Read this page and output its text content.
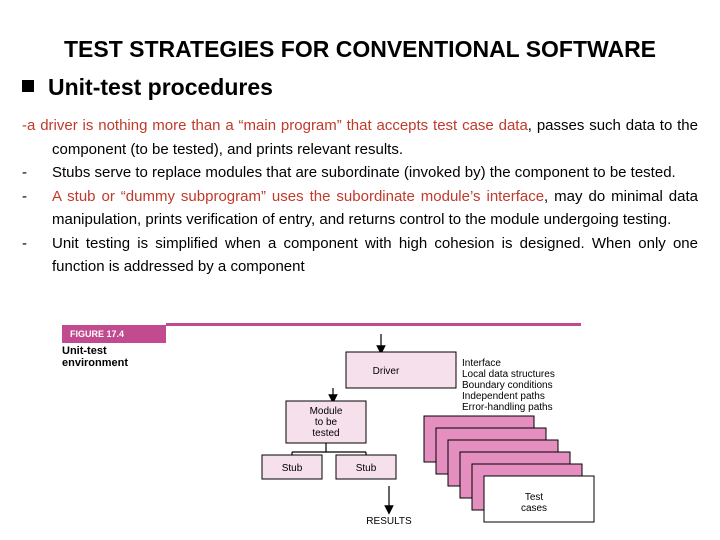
TEST STRATEGIES FOR CONVENTIONAL SOFTWARE
Unit-test procedures
-a driver is nothing more than a “main program” that accepts test case data, passes such data to the component (to be tested), and prints relevant results.
-	Stubs serve to replace modules that are subordinate (invoked by) the component to be tested.
-	A stub or “dummy subprogram” uses the subordinate module’s interface, may do minimal data manipulation, prints verification of entry, and returns control to the module undergoing testing.
-	Unit testing is simplified when a component with high cohesion is designed. When only one function is addressed by a component
FIGURE 17.4
Unit-test
environment
Driver
Interface
Local data structures
Boundary conditions
Independent paths
Error-handling paths
Module
to be
tested
Stub	Stub
Test
cases
RESULTS
